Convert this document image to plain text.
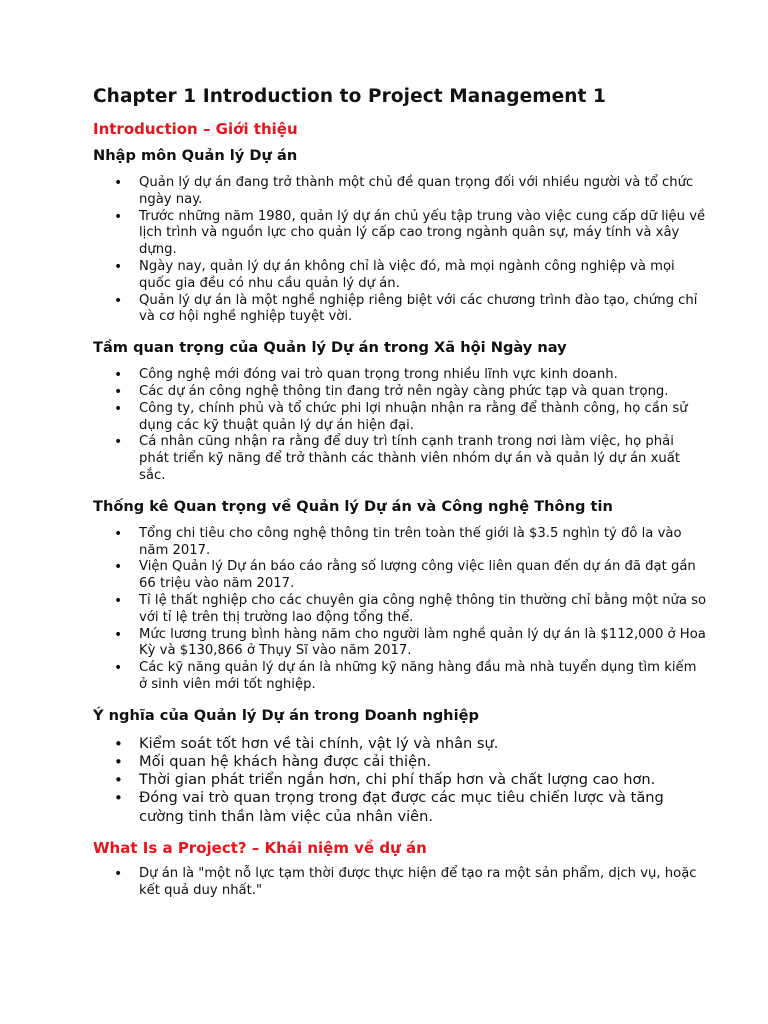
Chapter 1 Introduction to Project Management 1
Introduction – Giới thiệu
Nhập môn Quản lý Dự án
• Quản lý dự án đang trở thành một chủ đề quan trọng đối với nhiều người và tổ chức ngày nay.
• Trước những năm 1980, quản lý dự án chủ yếu tập trung vào việc cung cấp dữ liệu về lịch trình và nguồn lực cho quản lý cấp cao trong ngành quân sự, máy tính và xây dựng.
• Ngày nay, quản lý dự án không chỉ là việc đó, mà mọi ngành công nghiệp và mọi quốc gia đều có nhu cầu quản lý dự án.
• Quản lý dự án là một nghề nghiệp riêng biệt với các chương trình đào tạo, chứng chỉ và cơ hội nghề nghiệp tuyệt vời.
Tầm quan trọng của Quản lý Dự án trong Xã hội Ngày nay
• Công nghệ mới đóng vai trò quan trọng trong nhiều lĩnh vực kinh doanh.
• Các dự án công nghệ thông tin đang trở nên ngày càng phức tạp và quan trọng.
• Công ty, chính phủ và tổ chức phi lợi nhuận nhận ra rằng để thành công, họ cần sử dụng các kỹ thuật quản lý dự án hiện đại.
• Cá nhân cũng nhận ra rằng để duy trì tính cạnh tranh trong nơi làm việc, họ phải phát triển kỹ năng để trở thành các thành viên nhóm dự án và quản lý dự án xuất sắc.
Thống kê Quan trọng về Quản lý Dự án và Công nghệ Thông tin
• Tổng chi tiêu cho công nghệ thông tin trên toàn thế giới là $3.5 nghìn tỷ đô la vào năm 2017.
• Viện Quản lý Dự án báo cáo rằng số lượng công việc liên quan đến dự án đã đạt gần 66 triệu vào năm 2017.
• Tỉ lệ thất nghiệp cho các chuyên gia công nghệ thông tin thường chỉ bằng một nửa so với tỉ lệ trên thị trường lao động tổng thể.
• Mức lương trung bình hàng năm cho người làm nghề quản lý dự án là $112,000 ở Hoa Kỳ và $130,866 ở Thụy Sĩ vào năm 2017.
• Các kỹ năng quản lý dự án là những kỹ năng hàng đầu mà nhà tuyển dụng tìm kiếm ở sinh viên mới tốt nghiệp.
Ý nghĩa của Quản lý Dự án trong Doanh nghiệp
• Kiểm soát tốt hơn về tài chính, vật lý và nhân sự.
• Mối quan hệ khách hàng được cải thiện.
• Thời gian phát triển ngắn hơn, chi phí thấp hơn và chất lượng cao hơn.
• Đóng vai trò quan trọng trong đạt được các mục tiêu chiến lược và tăng cường tinh thần làm việc của nhân viên.
What Is a Project? – Khái niệm về dự án
• Dự án là "một nỗ lực tạm thời được thực hiện để tạo ra một sản phẩm, dịch vụ, hoặc kết quả duy nhất."
